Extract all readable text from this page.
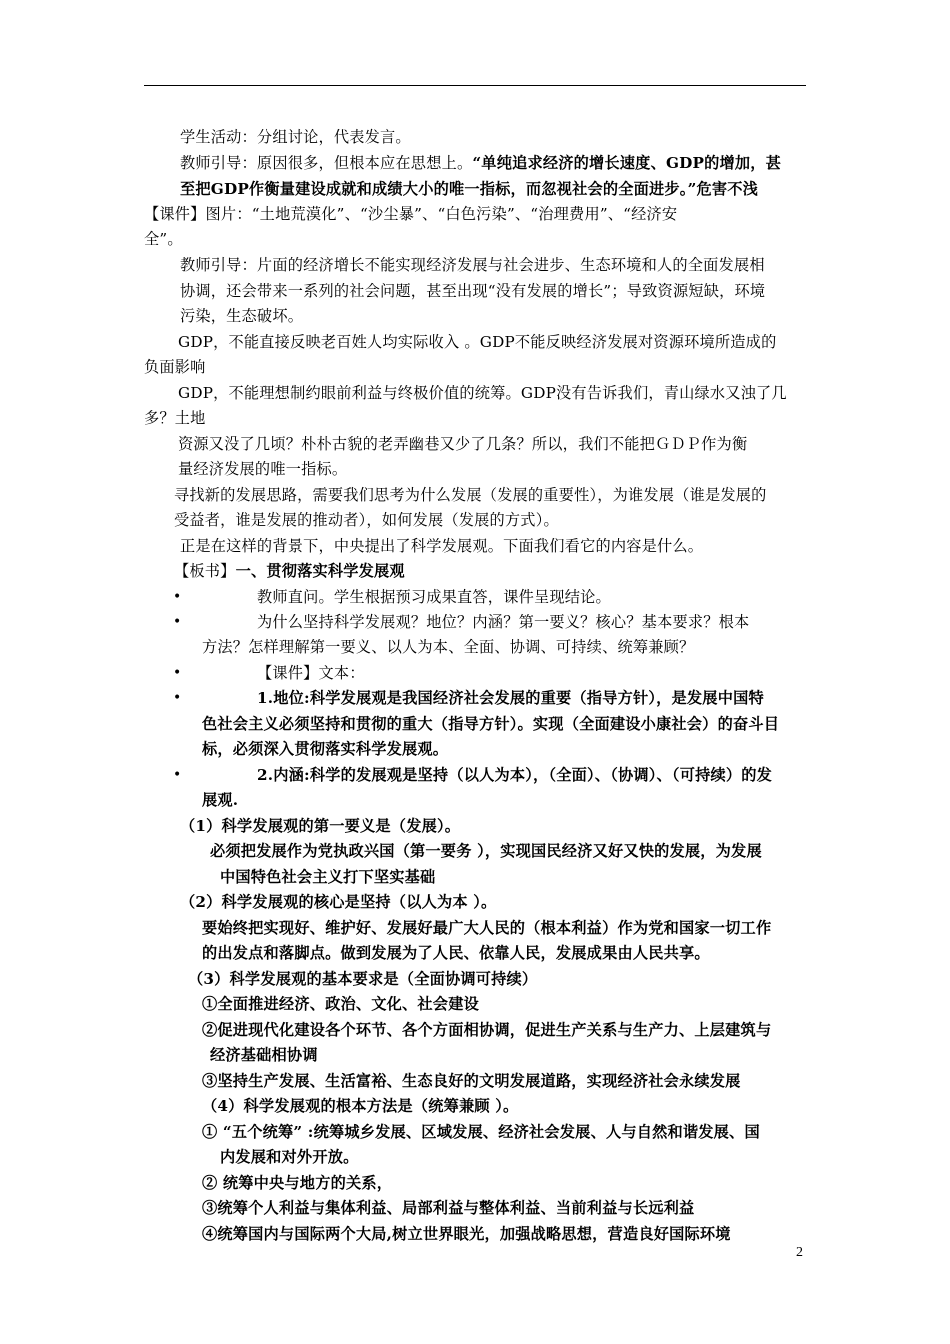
学生活动：分组讨论，代表发言。
教师引导：原因很多，但根本应在思想上。“单纯追求经济的增长速度、GDP的增加，甚
至把GDP作衡量建设成就和成绩大小的唯一指标，而忽视社会的全面进步。”危害不浅
【课件】图片：“土地荒漠化”、“沙尘暴”、“白色污染”、“治理费用”、“经济安
全”。
教师引导：片面的经济增长不能实现经济发展与社会进步、生态环境和人的全面发展相
协调，还会带来一系列的社会问题，甚至出现“没有发展的增长”；导致资源短缺，环境
污染，生态破坏。
GDP，不能直接反映老百姓人均实际收入 。GDP不能反映经济发展对资源环境所造成的
负面影响
GDP，不能理想制约眼前利益与终极价值的统筹。GDP没有告诉我们，青山绿水又浊了几
多？土地
资源又没了几顷？朴朴古貌的老弄幽巷又少了几条？所以，我们不能把ＧＤＰ作为衡
量经济发展的唯一指标。
寻找新的发展思路，需要我们思考为什么发展（发展的重要性），为谁发展（谁是发展的
受益者，谁是发展的推动者），如何发展（发展的方式）。
正是在这样的背景下，中央提出了科学发展观。下面我们看它的内容是什么。
【板书】一、贯彻落实科学发展观
•	教师直问。学生根据预习成果直答，课件呈现结论。
•	为什么坚持科学发展观？地位？内涵？第一要义？核心？基本要求？根本
方法？怎样理解第一要义、以人为本、全面、协调、可持续、统筹兼顾？
•	【课件】文本：
•	1.地位:科学发展观是我国经济社会发展的重要（指导方针），是发展中国特
色社会主义必须坚持和贯彻的重大（指导方针）。实现（全面建设小康社会）的奋斗目
标，必须深入贯彻落实科学发展观。
•	2.内涵:科学的发展观是坚持（以人为本），（全面）、（协调）、（可持续）的发
展观.
（1）科学发展观的第一要义是（发展）。
必须把发展作为党执政兴国（第一要务 ），实现国民经济又好又快的发展，为发展
中国特色社会主义打下坚实基础
（2）科学发展观的核心是坚持（以人为本 ）。
要始终把实现好、维护好、发展好最广大人民的（根本利益）作为党和国家一切工作
的出发点和落脚点。做到发展为了人民、依靠人民，发展成果由人民共享。
（3）科学发展观的基本要求是（全面协调可持续）
①全面推进经济、政治、文化、社会建设
②促进现代化建设各个环节、各个方面相协调，促进生产关系与生产力、上层建筑与
经济基础相协调
③坚持生产发展、生活富裕、生态良好的文明发展道路，实现经济社会永续发展
（4）科学发展观的根本方法是（统筹兼顾 ）。
① “五个统筹” :统筹城乡发展、区域发展、经济社会发展、人与自然和谐发展、国
内发展和对外开放。
② 统筹中央与地方的关系，
③统筹个人利益与集体利益、局部利益与整体利益、当前利益与长远利益
④统筹国内与国际两个大局,树立世界眼光，加强战略思想，营造良好国际环境
2
